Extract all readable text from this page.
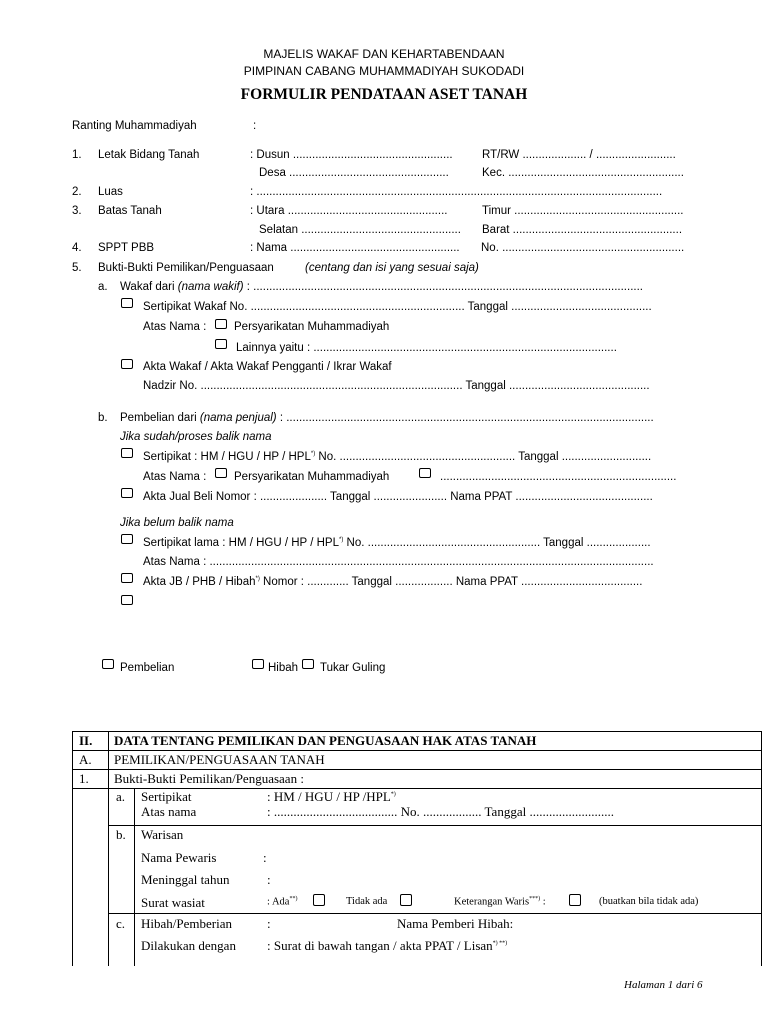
MAJELIS WAKAF DAN KEHARTABENDAAN
PIMPINAN CABANG MUHAMMADIYAH SUKODADI
FORMULIR PENDATAAN ASET TANAH
Ranting Muhammadiyah	:
1. Letak Bidang Tanah	: Dusun ..................................................	RT/RW .................... / .........................
Desa ..................................................	Kec. .......................................................
2. Luas	: ...............................................................................................................................
3. Batas Tanah	: Utara ..................................................	Timur .....................................................
Selatan .................................................. Barat .....................................................
4. SPPT PBB	: Nama ..................................................... No. .........................................................
5. Bukti-Bukti Pemilikan/Penguasaan	(centang dan isi yang sesuai saja)
a. Wakaf dari (nama wakif) : ..........................................................................................................................
Sertipikat Wakaf No. ................................................................... Tanggal ............................................
Atas Nama : Persyarikatan Muhammadiyah
Lainnya yaitu : ...............................................................................................
Akta Wakaf / Akta Wakaf Pengganti / Ikrar Wakaf
Nadzir No. .................................................................................. Tanggal ............................................
b. Pembelian dari (nama penjual) : ...................................................................................................................
Jika sudah/proses balik nama
Sertipikat : HM / HGU / HP / HPL*) No. ....................................................... Tanggal ............................
Atas Nama : Persyarikatan Muhammadiyah	..........................................................................
Akta Jual Beli Nomor : ..................... Tanggal ....................... Nama PPAT ...........................................
Jika belum balik nama
Sertipikat lama : HM / HGU / HP / HPL*) No. ...................................................... Tanggal ....................
Atas Nama : ...........................................................................................................................................
Akta JB / PHB / Hibah*) Nomor : ............. Tanggal .................. Nama PPAT ......................................
Pembelian	Hibah Tukar Guling
II. DATA TENTANG PEMILIKAN DAN PENGUASAAN HAK ATAS TANAH
A. PEMILIKAN/PENGUASAAN TANAH
1. Bukti-Bukti Pemilikan/Penguasaan :
a. Sertipikat	: HM / HGU / HP /HPL*)
Atas nama	: ...................................... No. .................. Tanggal ..........................
b. Warisan
Nama Pewaris	:
Meninggal tahun	:
Surat wasiat	: Ada**)	Tidak ada	Keterangan Waris***) :	(buatkan bila tidak ada)
c. Hibah/Pemberian	:	Nama Pemberi Hibah:
Dilakukan dengan : Surat di bawah tangan / akta PPAT / Lisan*) **)
Halaman 1 dari 6
